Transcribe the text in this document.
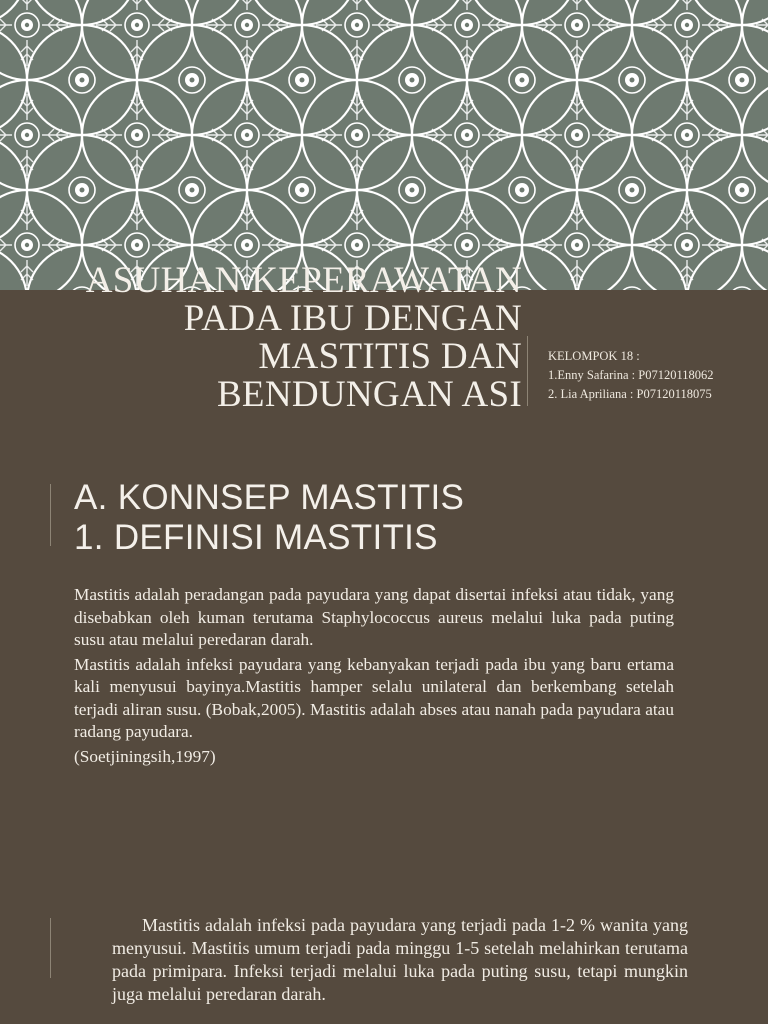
ASUHAN KEPERAWATAN
PADA IBU DENGAN
MASTITIS DAN
BENDUNGAN ASI
KELOMPOK 18 :
1.Enny Safarina : P07120118062
2. Lia Apriliana : P07120118075
A. KONNSEP MASTITIS
1. DEFINISI MASTITIS

Mastitis adalah peradangan pada payudara yang dapat disertai infeksi atau tidak, yang disebabkan oleh kuman terutama Staphylococcus aureus melalui luka pada puting susu atau melalui peredaran darah.

Mastitis adalah infeksi payudara yang kebanyakan terjadi pada ibu yang baru ertama kali menyusui bayinya.Mastitis hamper selalu unilateral dan berkembang setelah terjadi aliran susu. (Bobak,2005). Mastitis adalah abses atau nanah pada payudara atau radang payudara.

(Soetjiningsih,1997)

Mastitis adalah infeksi pada payudara yang terjadi pada 1-2 % wanita yang menyusui. Mastitis umum terjadi pada minggu 1-5 setelah melahirkan terutama pada primipara. Infeksi terjadi melalui luka pada puting susu, tetapi mungkin juga melalui peredaran darah.
